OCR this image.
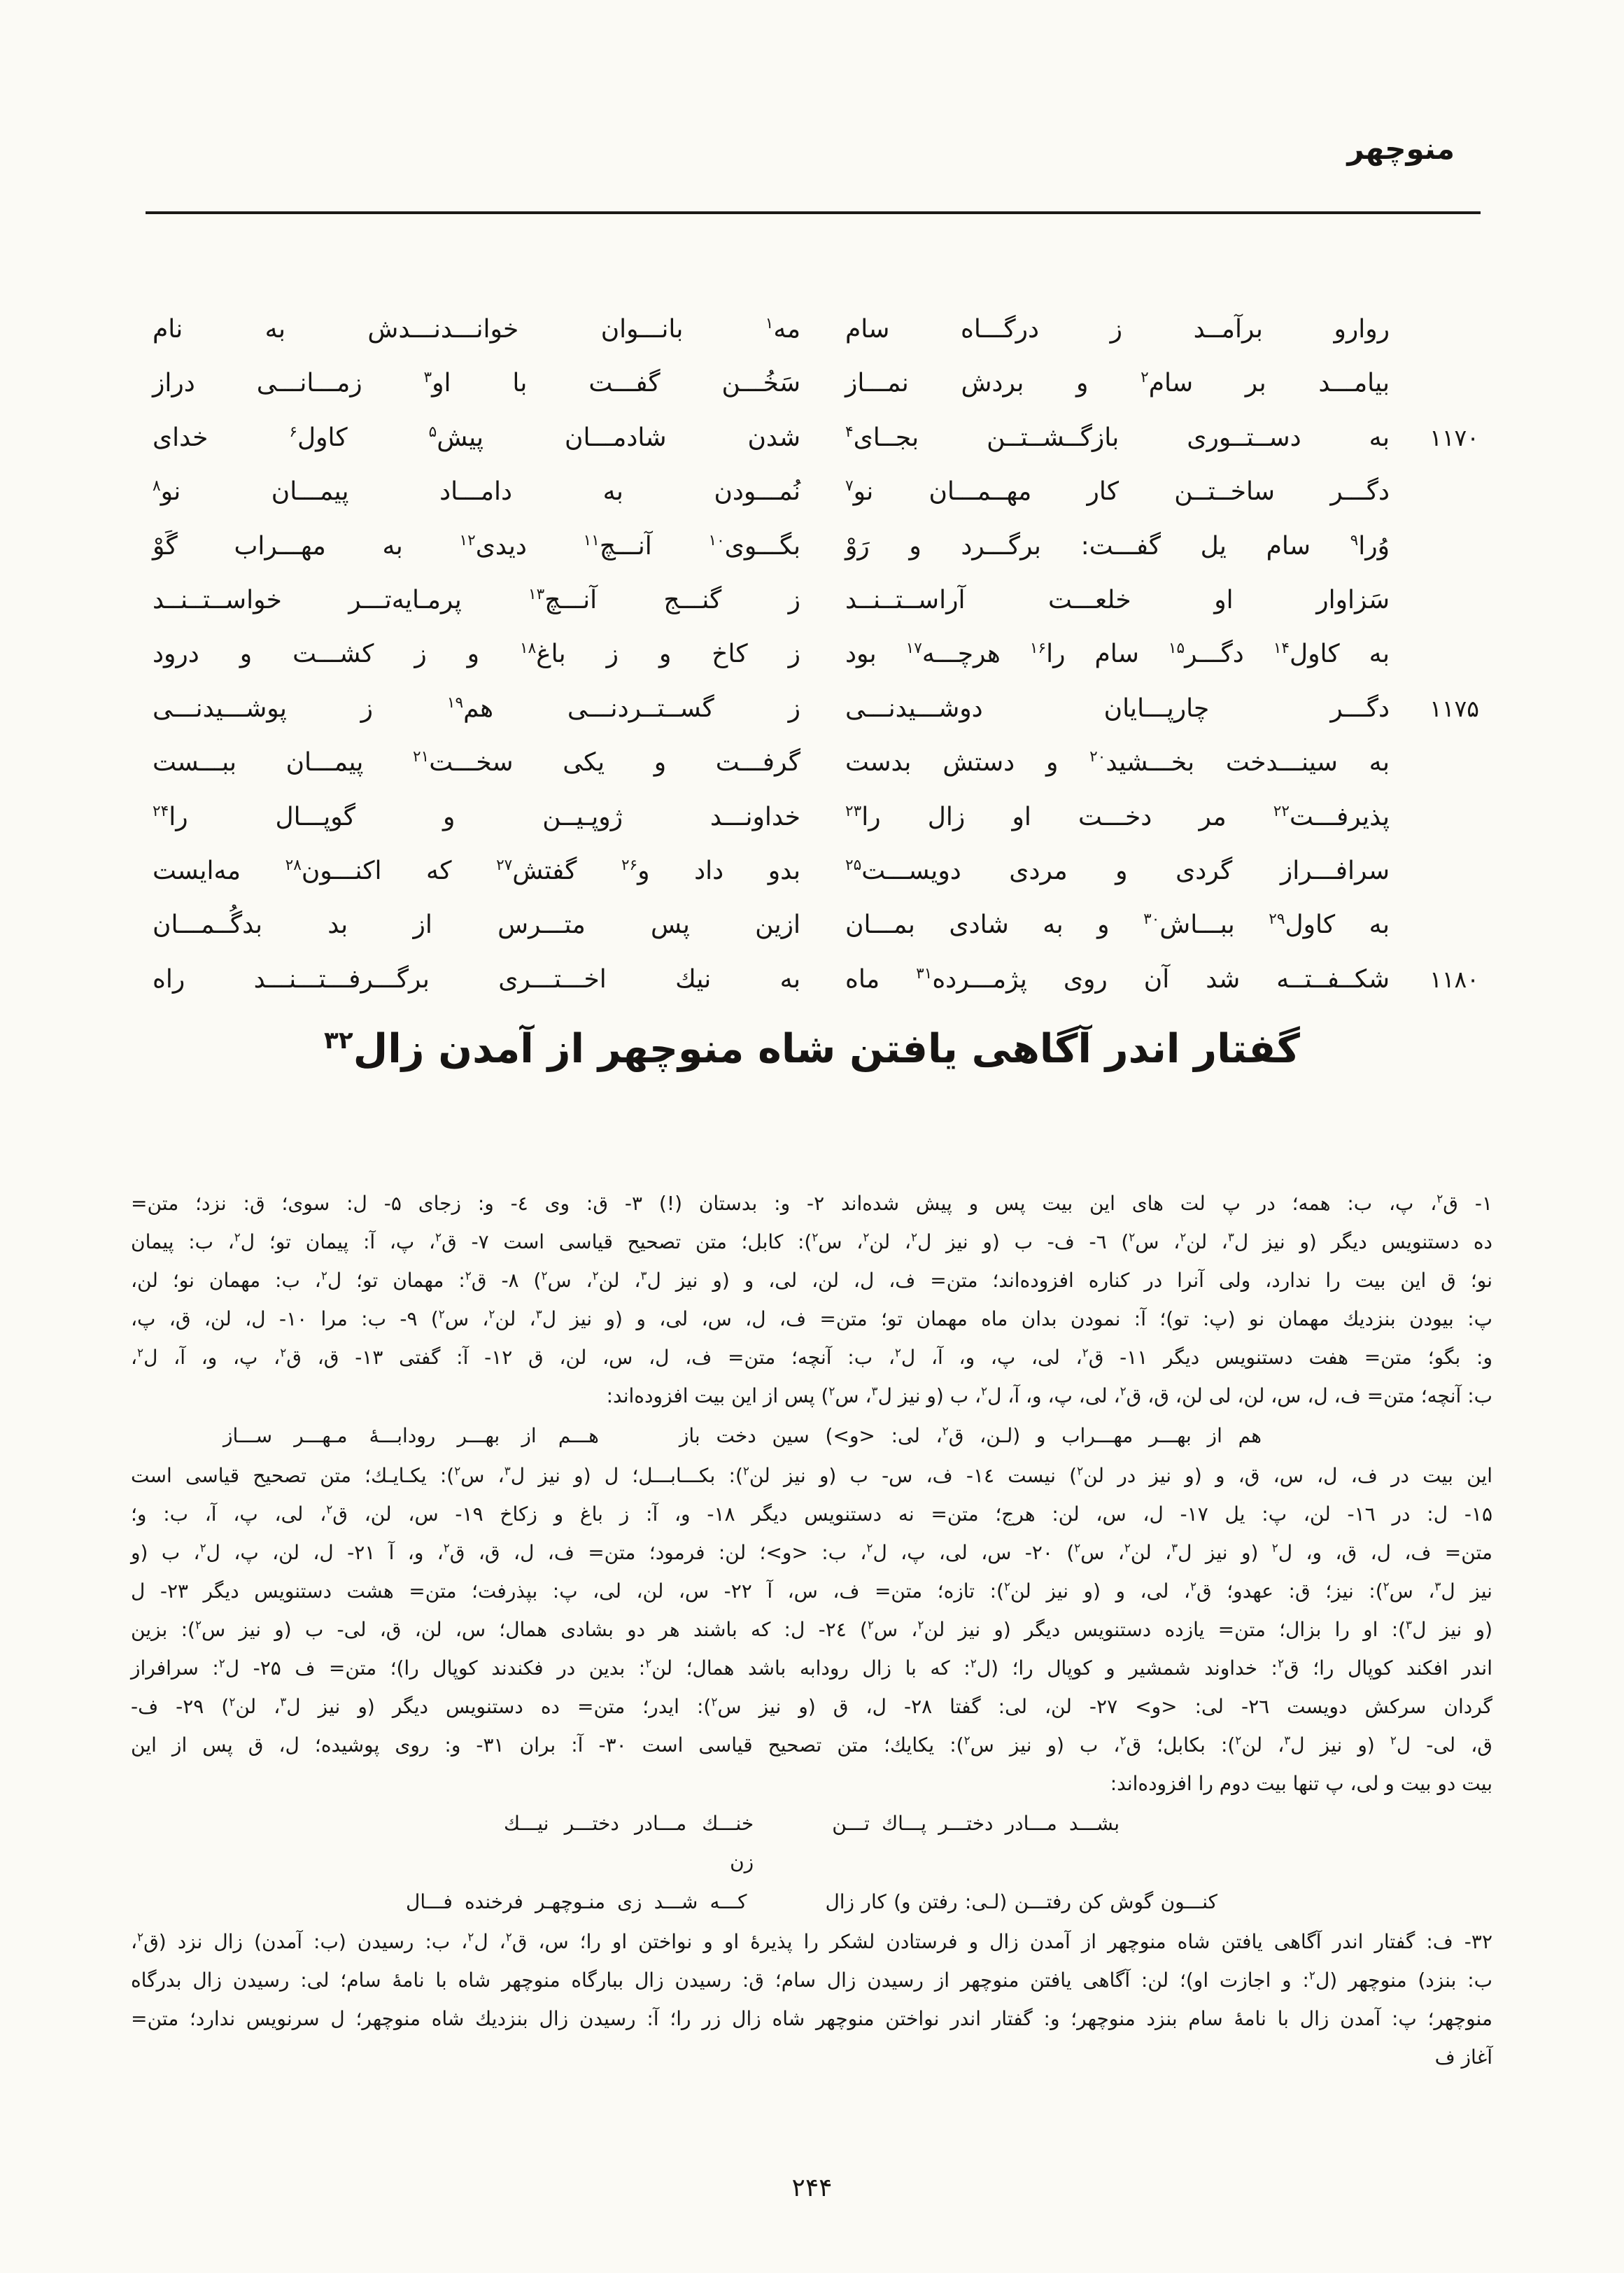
منوچهر
روارو برآمــد ز درگـــاه سام
مه$^۱$ بانـــوان خوانـــدنـــدش به نام
بیامـــد بر سام$^۲$ و بردش نمـــاز
سَخُـــن گفـــت با او$^۳$ زمـــانـــی دراز
۱۱۷۰
به دســتــوری بازگــشــتــن بجــای$^۴$
شدن شادمـــان پیش$^۵$ کاول$^۶$ خدای
دگـــر ساخــتــن کار مهــمـــان نو$^۷$
نُمـــودن به دامـــاد پیمـــان نو$^۸$
وُرا$^۹$ سام یل گفـــت: برگـــرد و رَوْ
بگـــوی$^{۱۰}$ آنـــچ$^{۱۱}$ دیدی$^{۱۲}$ به مهـــراب گَوْ
سَزاوار او خلعـــت آراســتــنــد
ز گنـــج آنـــچ$^{۱۳}$ پرمـایه‌تـــر خواســتــنــد
به کاول$^{۱۴}$ دگـــر$^{۱۵}$ سام را$^{۱۶}$ هرچـــه$^{۱۷}$ بود
ز کاخ و ز باغ$^{۱۸}$ و ز کشـــت و درود
۱۱۷۵
دگـــر چارپـــایان دوشـــیدنـــی
ز گســتــردنـــی هم$^{۱۹}$ ز پوشـــیدنـــی
به سینـــدخت بخـــشید$^{۲۰}$ و دستش بدست
گرفـــت و یکی سخـــت$^{۲۱}$ پیمـــان ببـــست
پذیرفـــت$^{۲۲}$ مر دخـــت او زال را$^{۲۳}$
خداونـــد ژوپـیــن و گوپـــال را$^{۲۴}$
سرافـــراز گردی و مردی دویســـت$^{۲۵}$
بدو داد و$^{۲۶}$ گفتش$^{۲۷}$ که اکنـــون$^{۲۸}$ مه‌ایست
به کاول$^{۲۹}$ ببـــاش$^{۳۰}$ و به شادی بمـــان
ازین پس متـــرس از بد بدگُــمـــان
۱۱۸۰
شکــفــتــه شد آن روی پژمـــرده$^{۳۱}$ ماه
به نیك اخـــتـــری برگـــرفـــتـــنـــد راه
گفتار اندر آگاهی یافتن شاه منوچهر از آمدن زال$^{۳۲}$
۱- ق$^۲$، پ، ب: همه؛ در پ لت های این بیت پس و پیش شده‌اند ۲- و: بدستان (!) ۳- ق: وی ٤- و: زجای ۵- ل: سوی؛ ق: نزد؛ متن=
ده دستنویس دیگر (و نیز ل$^۳$، لن$^۲$، س$^۲$) ٦- ف- ب (و نیز ل$^۲$، لن$^۲$، س$^۲$): کابل؛ متن تصحیح قیاسی است ۷- ق$^۲$، پ، آ: پیمان تو؛ ل$^۲$، ب: پیمان
نو؛ ق این بیت را ندارد، ولی آنرا در کناره افزوده‌اند؛ متن= ف، ل، لن، لی، و (و نیز ل$^۳$، لن$^۲$، س$^۲$) ۸- ق$^۲$: مهمان تو؛ ل$^۲$، ب: مهمان نو؛ لن،
پ: بیودن بنزدیك مهمان نو (پ: تو)؛ آ: نمودن بدان ماه مهمان تو؛ متن= ف، ل، س، لی، و (و نیز ل$^۳$، لن$^۲$، س$^۲$) ۹- ب: مرا ۱۰- ل، لن، ق، پ،
و: بگو؛ متن= هفت دستنویس دیگر ۱۱- ق$^۲$، لی، پ، و، آ، ل$^۲$، ب: آنچه؛ متن= ف، ل، س، لن، ق ۱۲- آ: گفتی ۱۳- ق، ق$^۲$، پ، و، آ، ل$^۲$،
ب: آنچه؛ متن= ف، ل، س، لن، لی لن، ق، ق$^۲$، لی، پ، و، آ، ل$^۲$، ب (و نیز ل$^۳$، س$^۲$) پس از این بیت افزوده‌اند:
هم از بهـــر مهـــراب و (لـن، ق$^۲$، لی: <و>) سین دخت باز
هـــم از بهـــر رودابـــهٔ مـهـــر ســـاز
این بیت در ف، ل، س، ق، و (و نیز در لن$^۲$) نیست ۱٤- ف، س- ب (و نیز لن$^۲$): بکـــابـــل؛ ل (و نیز ل$^۳$، س$^۲$): یکـایـك؛ متن تصحیح قیاسی است
۱۵- ل: در ۱٦- لن، پ: یل ۱۷- ل، س، لن: هرج؛ متن= نه دستنویس دیگر ۱۸- و، آ: ز باغ و زکاخ ۱۹- س، لن، ق$^۲$، لی، پ، آ، ب: و؛
متن= ف، ل، ق، و، ل$^۲$ (و نیز ل$^۳$، لن$^۲$، س$^۲$) ۲۰- س، لی، پ، ل$^۲$، ب: <و>؛ لن: فرمود؛ متن= ف، ل، ق، ق$^۲$، و، آ ۲۱- ل، لن، پ، ل$^۲$، ب (و
نیز ل$^۳$، س$^۲$): نیز؛ ق: عهدو؛ ق$^۲$، لی، و (و نیز لن$^۲$): تازه؛ متن= ف، س، آ ۲۲- س، لن، لی، پ: بپذرفت؛ متن= هشت دستنویس دیگر ۲۳- ل
(و نیز ل$^۳$): او را بزال؛ متن= یازده دستنویس دیگر (و نیز لن$^۲$، س$^۲$) ۲٤- ل: که باشند هر دو بشادی همال؛ س، لن، ق، لی- ب (و نیز س$^۲$): بزین
اندر افکند کوپال را؛ ق$^۲$: خداوند شمشیر و کوپال را؛ (ل$^۲$: که با زال رودابه باشد همال؛ لن$^۲$: بدین در فکندند کوپال را)؛ متن= ف ۲۵- ل$^۲$: سرافراز
گردان سرکش دویست ۲٦- لی: <و> ۲۷- لن، لی: گفتا ۲۸- ل، ق (و نیز س$^۲$): ایدر؛ متن= ده دستنویس دیگر (و نیز ل$^۳$، لن$^۲$) ۲۹- ف-
ق، لی- ل$^۲$ (و نیز ل$^۳$، لن$^۲$): بکابل؛ ق$^۲$، ب (و نیز س$^۲$): یکایك؛ متن تصحیح قیاسی است ۳۰- آ: بران ۳۱- و: روی پوشیده؛ ل، ق پس از این
بیت دو بیت و لی، پ تنها بیت دوم را افزوده‌اند:
بشـــد مـــادر دختـــر پـــاك تـــن
خنـــك مـــادر دختـــر نیـــك زن
کنـــون گوش کن رفتـــن (لـی: رفتن و) کار زال
کـــه شـــد زی منـوچهـر فرخنده فـــال
۳۲- ف: گفتار اندر آگاهی یافتن شاه منوچهر از آمدن زال و فرستادن لشکر را پذیرهٔ او و نواختن او را؛ س، ق$^۲$، ل$^۲$، ب: رسیدن (ب: آمدن) زال نزد (ق$^۲$،
ب: بنزد) منوچهر (ل$^۲$: و اجازت او)؛ لن: آگاهی یافتن منوچهر از رسیدن زال سام؛ ق: رسیدن زال ببارگاه منوچهر شاه با نامهٔ سام؛ لی: رسیدن زال بدرگاه
منوچهر؛ پ: آمدن زال با نامهٔ سام بنزد منوچهر؛ و: گفتار اندر نواختن منوچهر شاه زال زر را؛ آ: رسیدن زال بنزدیك شاه منوچهر؛ ل سرنویس ندارد؛ متن=
آغاز ف
۲۴۴
